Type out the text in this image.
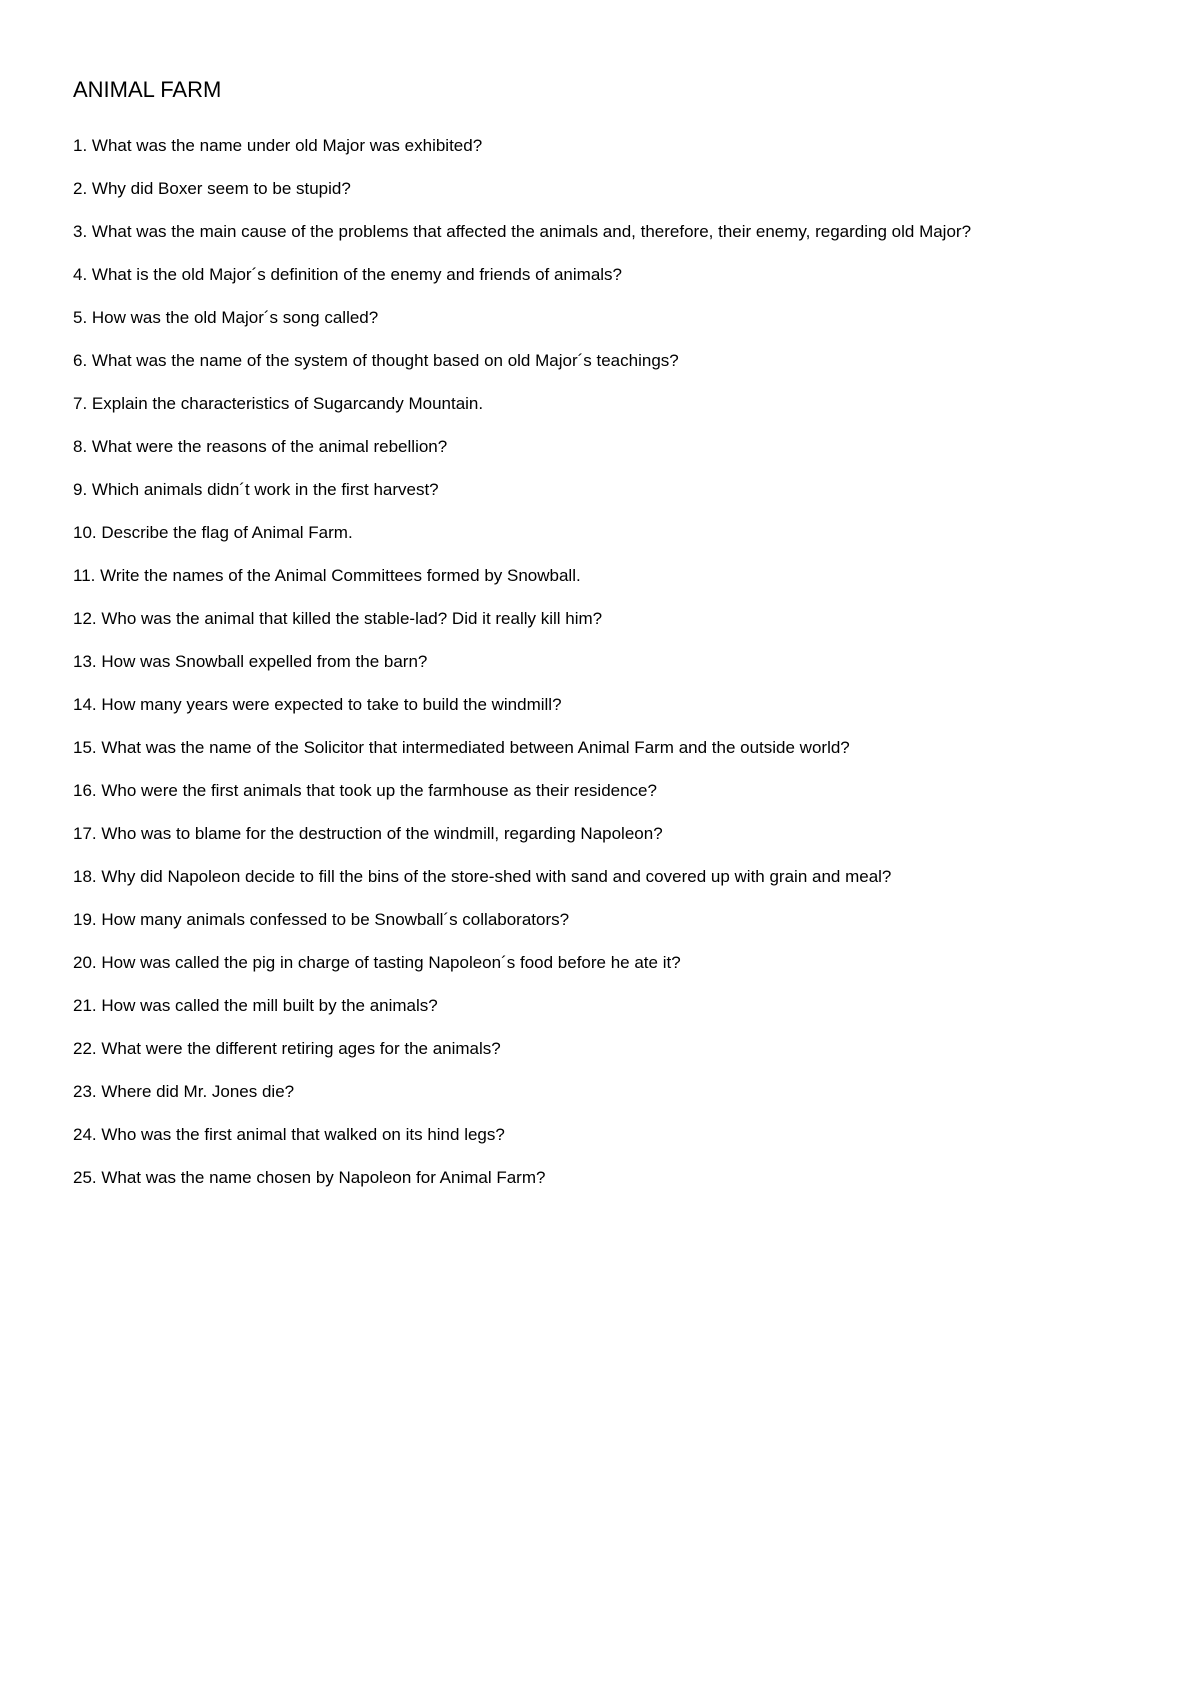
ANIMAL FARM
1. What was the name under old Major was exhibited?
2. Why did Boxer seem to be stupid?
3. What was the main cause of the problems that affected the animals and, therefore, their enemy, regarding old Major?
4. What is the old Major´s definition of the enemy and friends of animals?
5. How was the old Major´s song called?
6. What was the name of the system of thought based on old Major´s teachings?
7. Explain the characteristics of Sugarcandy Mountain.
8. What were the reasons of the animal rebellion?
9. Which animals didn´t work in the first harvest?
10. Describe the flag of Animal Farm.
11. Write the names of the Animal Committees formed by Snowball.
12. Who was the animal that killed the stable-lad? Did it really kill him?
13. How was Snowball expelled from the barn?
14. How many years were expected to take to build the windmill?
15. What was the name of the Solicitor that intermediated between Animal Farm and the outside world?
16. Who were the first animals that took up the farmhouse as their residence?
17. Who was to blame for the destruction of the windmill, regarding Napoleon?
18. Why did Napoleon decide to fill the bins of the store-shed with sand and covered up with grain and meal?
19. How many animals confessed to be Snowball´s collaborators?
20. How was called the pig in charge of tasting Napoleon´s food before he ate it?
21. How was called the mill built by the animals?
22. What were the different retiring ages for the animals?
23. Where did Mr. Jones die?
24. Who was the first animal that walked on its hind legs?
25. What was the name chosen by Napoleon for Animal Farm?
